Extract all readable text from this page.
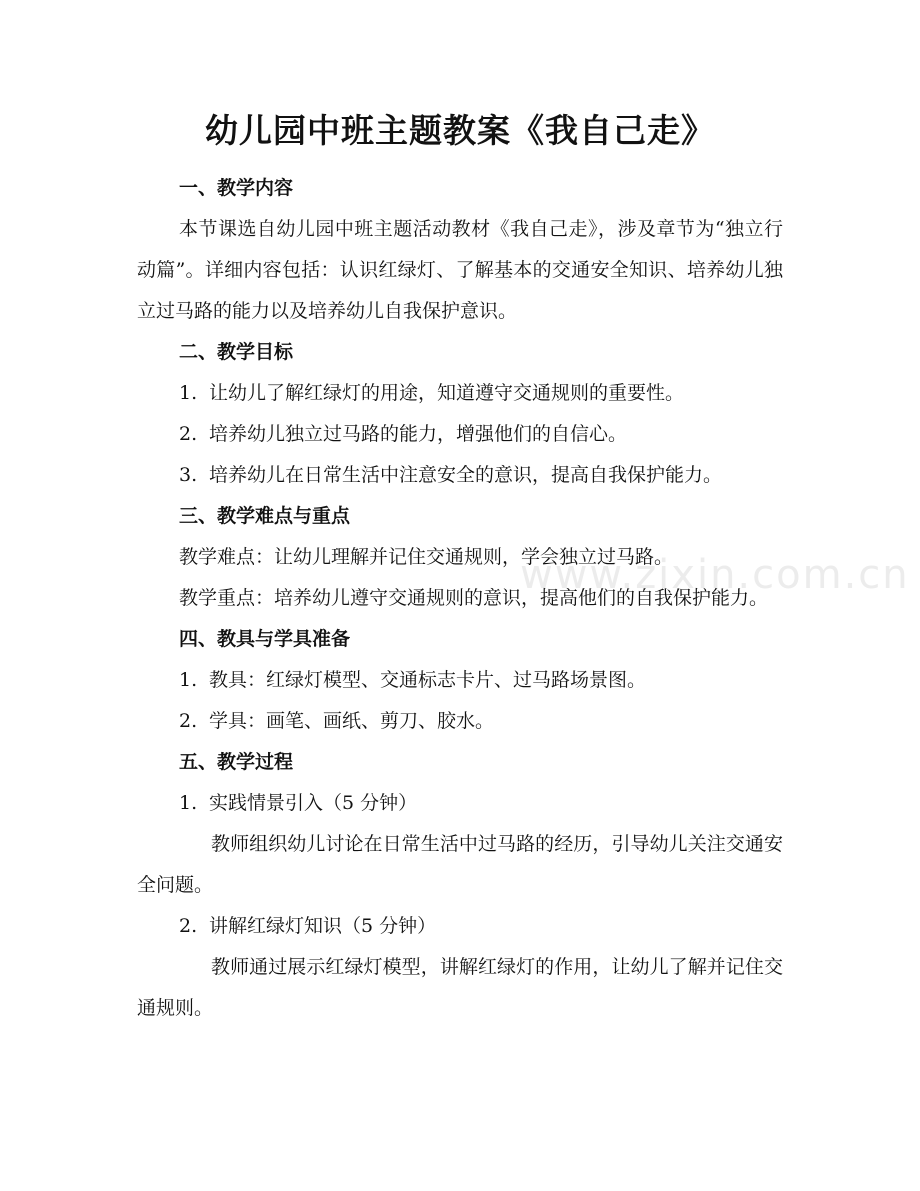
www.zixin.com.cn
幼儿园中班主题教案《我自己走》

一、教学内容

本节课选自幼儿园中班主题活动教材《我自己走》，涉及章节为“独立行动篇”。详细内容包括：认识红绿灯、了解基本的交通安全知识、培养幼儿独立过马路的能力以及培养幼儿自我保护意识。

二、教学目标

1. 让幼儿了解红绿灯的用途，知道遵守交通规则的重要性。

2. 培养幼儿独立过马路的能力，增强他们的自信心。

3. 培养幼儿在日常生活中注意安全的意识，提高自我保护能力。

三、教学难点与重点

教学难点：让幼儿理解并记住交通规则，学会独立过马路。

教学重点：培养幼儿遵守交通规则的意识，提高他们的自我保护能力。

四、教具与学具准备

1. 教具：红绿灯模型、交通标志卡片、过马路场景图。

2. 学具：画笔、画纸、剪刀、胶水。

五、教学过程

1. 实践情景引入（5 分钟）

教师组织幼儿讨论在日常生活中过马路的经历，引导幼儿关注交通安全问题。

2. 讲解红绿灯知识（5 分钟）

教师通过展示红绿灯模型，讲解红绿灯的作用，让幼儿了解并记住交通规则。
